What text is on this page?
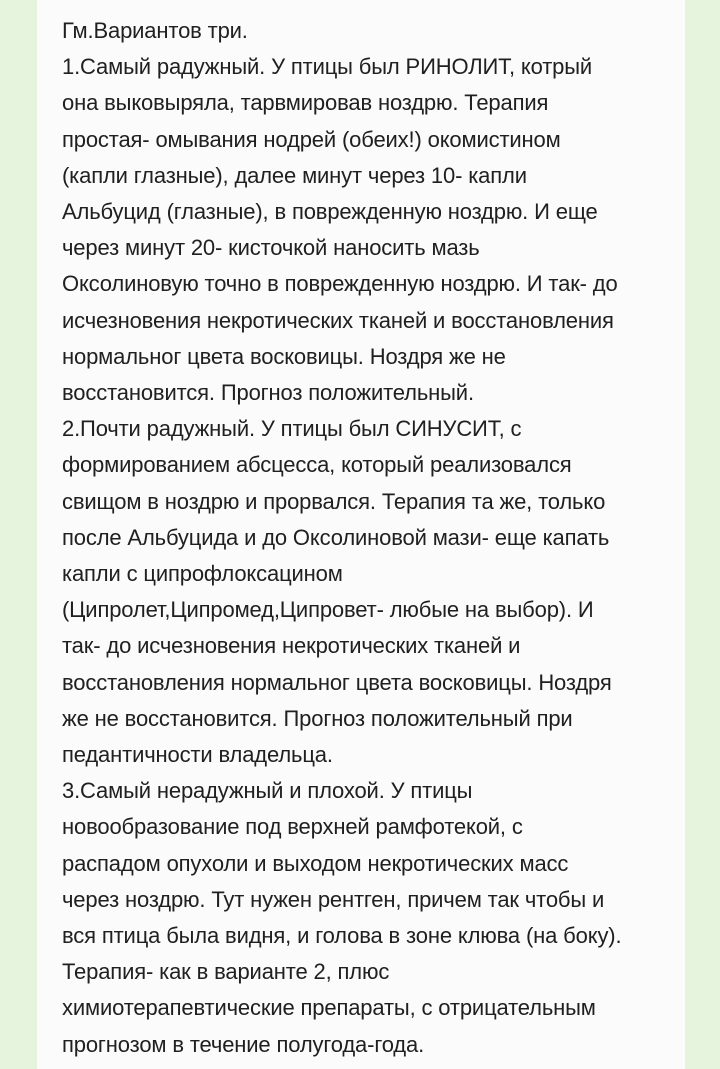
Гм.Вариантов три.
1.Самый радужный. У птицы был РИНОЛИТ, котрый
она выковыряла, тарвмировав ноздрю. Терапия
простая- омывания нодрей (обеих!) окомистином
(капли глазные), далее минут через 10- капли
Альбуцид (глазные), в поврежденную ноздрю. И еще
через минут 20- кисточкой наносить мазь
Оксолиновую точно в поврежденную ноздрю. И так- до
исчезновения некротических тканей и восстановления
нормальног цвета восковицы. Ноздря же не
восстановится. Прогноз положительный.
2.Почти радужный. У птицы был СИНУСИТ, с
формированием абсцесса, который реализовался
свищом в ноздрю и прорвался. Терапия та же, только
после Альбуцида и до Оксолиновой мази- еще капать
капли с ципрофлоксацином
(Ципролет,Ципромед,Ципровет- любые на выбор). И
так- до исчезновения некротических тканей и
восстановления нормальног цвета восковицы. Ноздря
же не восстановится. Прогноз положительный при
педантичности владельца.
3.Самый нерадужный и плохой. У птицы
новообразование под верхней рамфотекой, с
распадом опухоли и выходом некротических масс
через ноздрю. Тут нужен рентген, причем так чтобы и
вся птица была видня, и голова в зоне клюва (на боку).
Терапия- как в варианте 2, плюс
химиотерапевтические препараты, с отрицательным
прогнозом в течение полугода-года.
